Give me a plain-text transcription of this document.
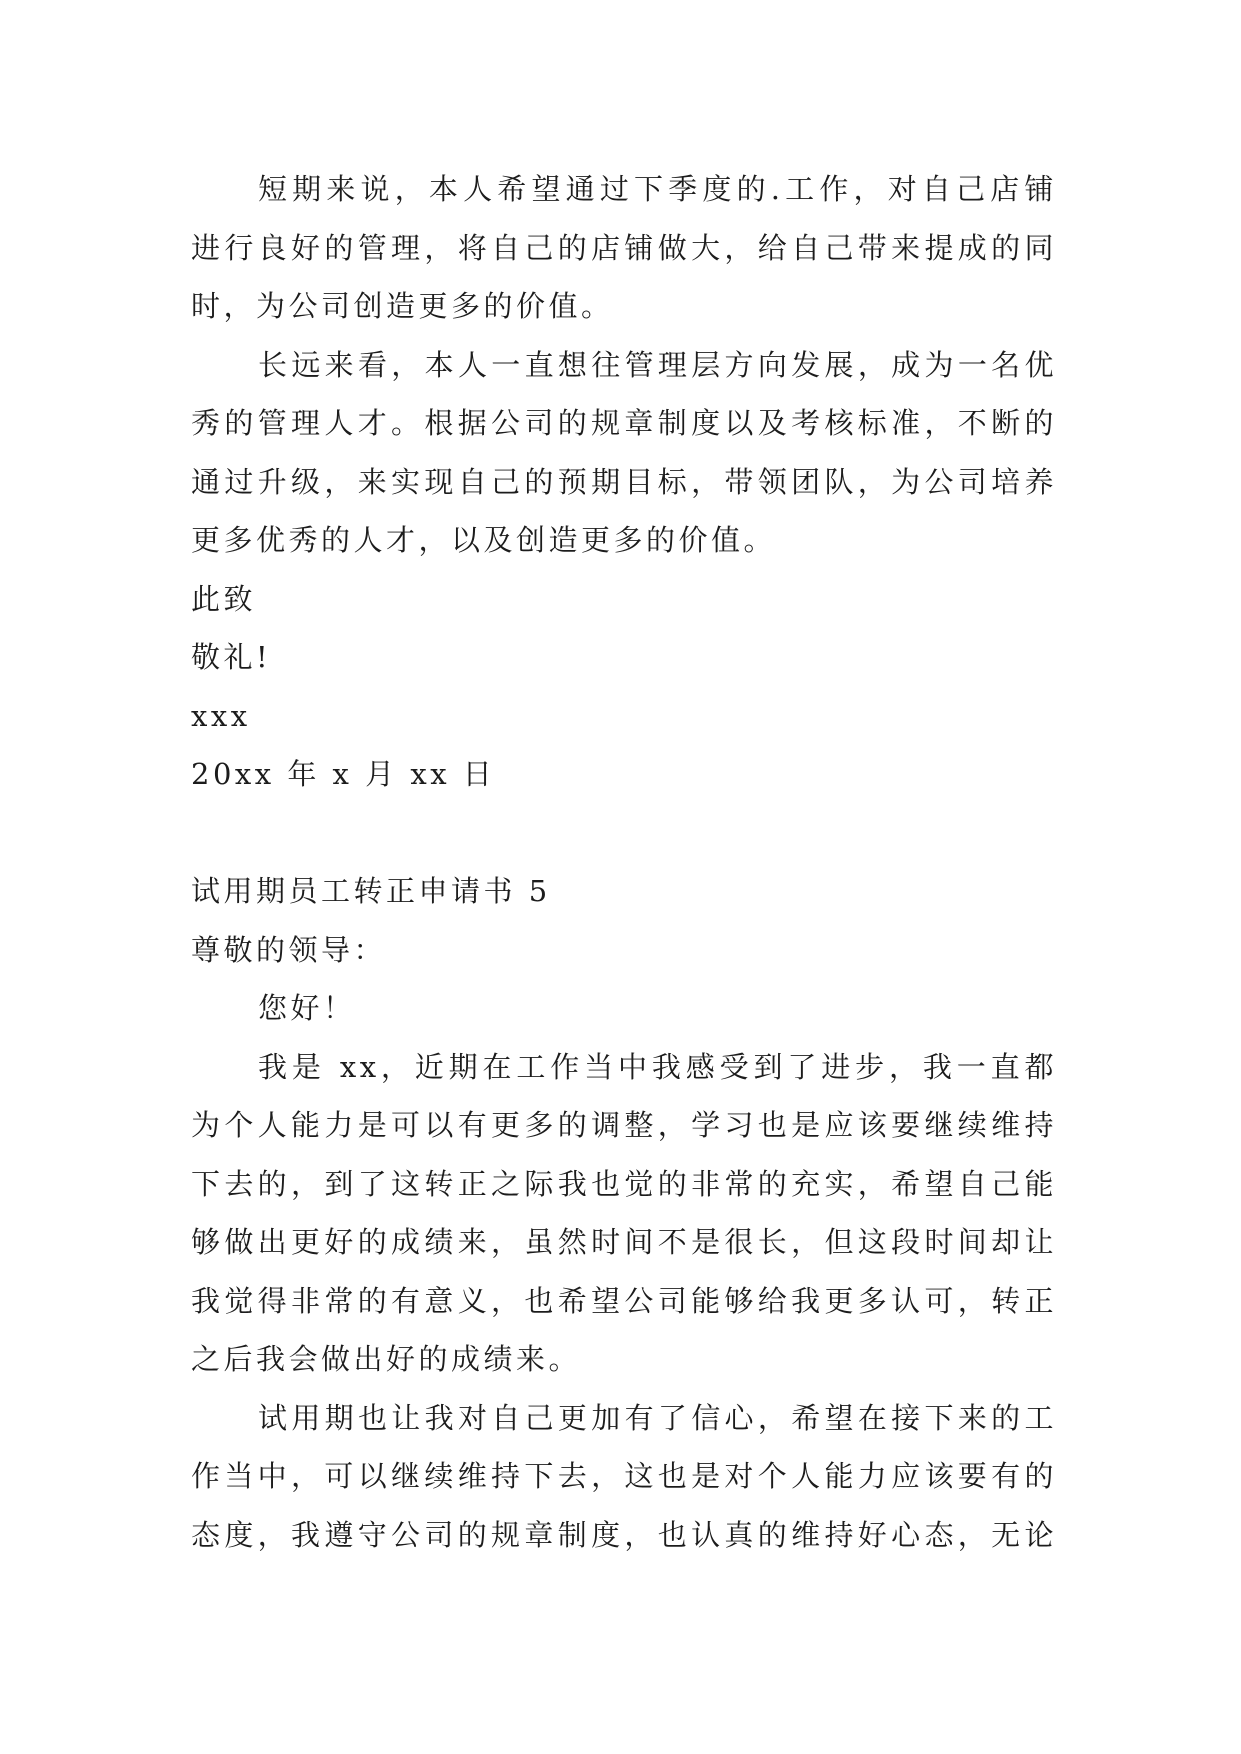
短期来说，本人希望通过下季度的.工作，对自己店铺
进行良好的管理，将自己的店铺做大，给自己带来提成的同
时，为公司创造更多的价值。
长远来看，本人一直想往管理层方向发展，成为一名优
秀的管理人才。根据公司的规章制度以及考核标准，不断的
通过升级，来实现自己的预期目标，带领团队，为公司培养
更多优秀的人才，以及创造更多的价值。
此致
敬礼!
xxx
20xx 年 x 月 xx 日
试用期员工转正申请书 5
尊敬的领导：
您好！
我是 xx，近期在工作当中我感受到了进步，我一直都
为个人能力是可以有更多的调整，学习也是应该要继续维持
下去的，到了这转正之际我也觉的非常的充实，希望自己能
够做出更好的成绩来，虽然时间不是很长，但这段时间却让
我觉得非常的有意义，也希望公司能够给我更多认可，转正
之后我会做出好的成绩来。
试用期也让我对自己更加有了信心，希望在接下来的工
作当中，可以继续维持下去，这也是对个人能力应该要有的
态度，我遵守公司的规章制度，也认真的维持好心态，无论
